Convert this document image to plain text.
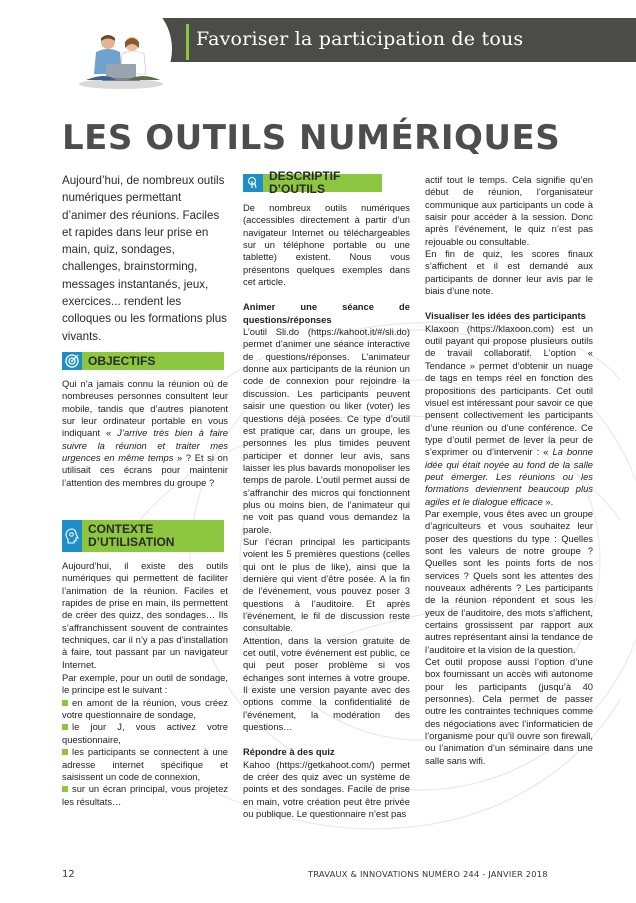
Favoriser la participation de tous
LES OUTILS NUMÉRIQUES

Aujourd’hui, de nombreux outils numériques permettant d’animer des réunions. Faciles et rapides dans leur prise en main, quiz, sondages, challenges, brainstorming, messages instantanés, jeux, exercices... rendent les colloques ou les formations plus vivants.

OBJECTIFS

Qui n’a jamais connu la réunion où de nombreuses personnes consultent leur mobile, tandis que d’autres pianotent sur leur ordinateur portable en vous indiquant « J’arrive très bien à faire suivre la réunion et traiter mes urgences en même temps » ? Et si on utilisait ces écrans pour maintenir l’attention des membres du groupe ?

CONTEXTE
D’UTILISATION

Aujourd’hui, il existe des outils numériques qui permettent de faciliter l’animation de la réunion. Faciles et rapides de prise en main, ils permettent de créer des quizz, des sondages… Ils s’affranchissent souvent de contraintes techniques, car il n’y a pas d’installation à faire, tout passant par un navigateur Internet.

Par exemple, pour un outil de sondage, le principe est le suivant :

en amont de la réunion, vous créez votre questionnaire de sondage,

le jour J, vous activez votre questionnaire,

les participants se connectent à une adresse internet spécifique et saisissent un code de connexion,

sur un écran principal, vous projetez les résultats…

DESCRIPTIF D’OUTILS

De nombreux outils numériques (accessibles directement à partir d’un navigateur Internet ou téléchargeables sur un téléphone portable ou une tablette) existent. Nous vous présentons quelques exemples dans cet article.

Animer une séance de questions/réponses

L’outil Sli.do (https://kahoot.it/#/sli.do) permet d’animer une séance interactive de questions/réponses. L’animateur donne aux participants de la réunion un code de connexion pour rejoindre la discussion. Les participants peuvent saisir une question ou liker (voter) les questions déjà posées. Ce type d’outil est pratique car, dans un groupe, les personnes les plus timides peuvent participer et donner leur avis, sans laisser les plus bavards monopoliser les temps de parole. L’outil permet aussi de s’affranchir des micros qui fonctionnent plus ou moins bien, de l’animateur qui ne voit pas quand vous demandez la parole.

Sur l’écran principal les participants voient les 5 premières questions (celles qui ont le plus de like), ainsi que la dernière qui vient d’être posée. A la fin de l’événement, vous pouvez poser 3 questions à l’auditoire. Et après l’événement, le fil de discussion reste consultable.

Attention, dans la version gratuite de cet outil, votre événement est public, ce qui peut poser problème si vos échanges sont internes à votre groupe. Il existe une version payante avec des options comme la confidentialité de l’événement, la modération des questions…

Répondre à des quiz

Kahoo (https://getkahoot.com/) permet de créer des quiz avec un système de points et des sondages. Facile de prise en main, votre création peut être privée ou publique. Le questionnaire n’est pas

actif tout le temps. Cela signifie qu’en début de réunion, l’organisateur communique aux participants un code à saisir pour accéder à la session. Donc après l’événement, le quiz n’est pas rejouable ou consultable.

En fin de quiz, les scores finaux s’affichent et il est demandé aux participants de donner leur avis par le biais d’une note.

Visualiser les idées des participants

Klaxoon (https://klaxoon.com) est un outil payant qui propose plusieurs outils de travail collaboratif. L’option « Tendance » permet d’obtenir un nuage de tags en temps réel en fonction des propositions des participants. Cet outil visuel est intéressant pour savoir ce que pensent collectivement les participants d’une réunion ou d’une conférence. Ce type d’outil permet de lever la peur de s’exprimer ou d’intervenir : « La bonne idée qui était noyée au fond de la salle peut émerger. Les réunions ou les formations deviennent beaucoup plus agiles et le dialogue efficace ».

Par exemple, vous êtes avec un groupe d’agriculteurs et vous souhaitez leur poser des questions du type : Quelles sont les valeurs de notre groupe ? Quelles sont les points forts de nos services ? Quels sont les attentes des nouveaux adhérents ? Les participants de la réunion répondent et sous les yeux de l’auditoire, des mots s’affichent, certains grossissent par rapport aux autres représentant ainsi la tendance de l’auditoire et la vision de la question.

Cet outil propose aussi l’option d’une box fournissant un accès wifi autonome pour les participants (jusqu’à 40 personnes). Cela permet de passer outre les contraintes techniques comme des négociations avec l’informaticien de l’organisme pour qu’il ouvre son firewall, ou l’animation d’un séminaire dans une salle sans wifi.

12	TRAVAUX & INNOVATIONS NUMÉRO 244 - JANVIER 2018
